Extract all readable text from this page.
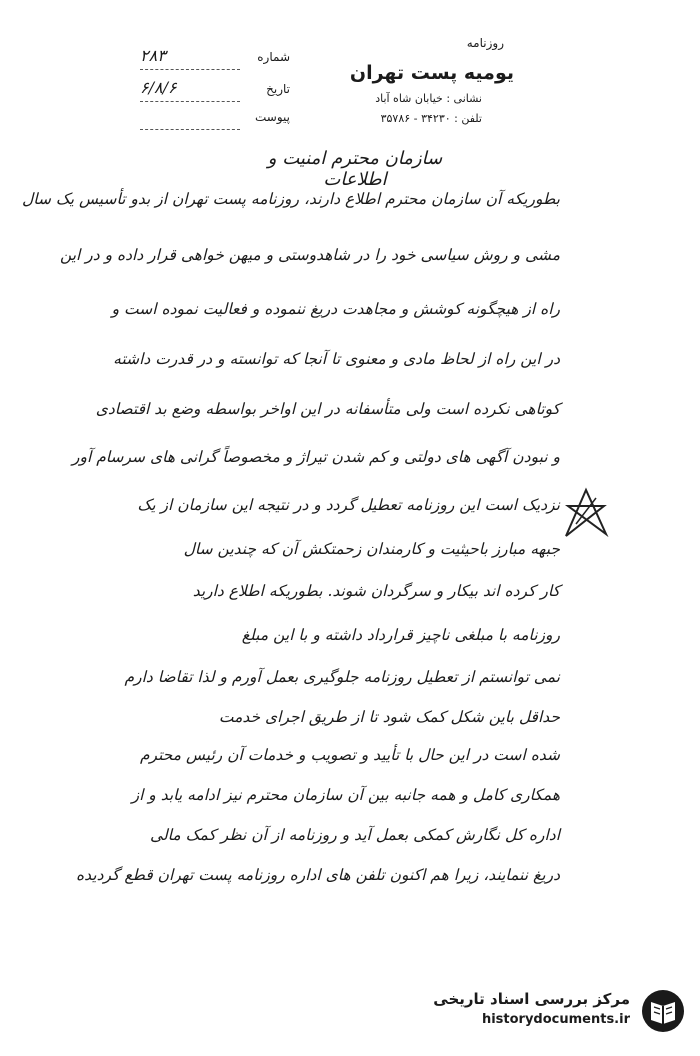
روزنامه
یومیه پست تهران
نشانی : خیابان شاه آباد
تلفن : ۳۴۲۳۰ - ۳۵۷۸۶
شماره
۲۸۳
تاریخ
۶/۸/۶
پیوست
سازمان محترم امنیت و اطلاعات
بطوریکه آن سازمان محترم اطلاع دارند، روزنامه پست تهران از بدو تأسیس یک سال
مشی و روش سیاسی خود را در شاهدوستی و میهن خواهی قرار داده و در این
راه از هیچگونه کوشش و مجاهدت دریغ ننموده و فعالیت نموده است و
در این راه از لحاظ مادی و معنوی تا آنجا که توانسته و در قدرت داشته
کوتاهی نکرده است ولی متأسفانه در این اواخر بواسطه وضع بد اقتصادی
و نبودن آگهی های دولتی و کم شدن تیراژ و مخصوصاً گرانی های سرسام آور
نزدیک است این روزنامه تعطیل گردد و در نتیجه این سازمان از یک
جبهه مبارز باحیثیت و کارمندان زحمتکش آن که چندین سال
کار کرده اند بیکار و سرگردان شوند. بطوریکه اطلاع دارید
روزنامه با مبلغی ناچیز قرارداد داشته و با این مبلغ
نمی توانستم از تعطیل روزنامه جلوگیری بعمل آورم و لذا تقاضا دارم
حداقل باین شکل کمک شود تا از طریق اجرای خدمت
شده است در این حال با تأیید و تصویب و خدمات آن رئیس محترم
همکاری کامل و همه جانبه بین آن سازمان محترم نیز ادامه یابد و از
اداره کل نگارش کمکی بعمل آید و روزنامه از آن نظر کمک مالی
دریغ ننمایند، زیرا هم اکنون تلفن های اداره روزنامه پست تهران قطع گردیده
مرکز بررسی اسناد تاریخی
historydocuments.ir
